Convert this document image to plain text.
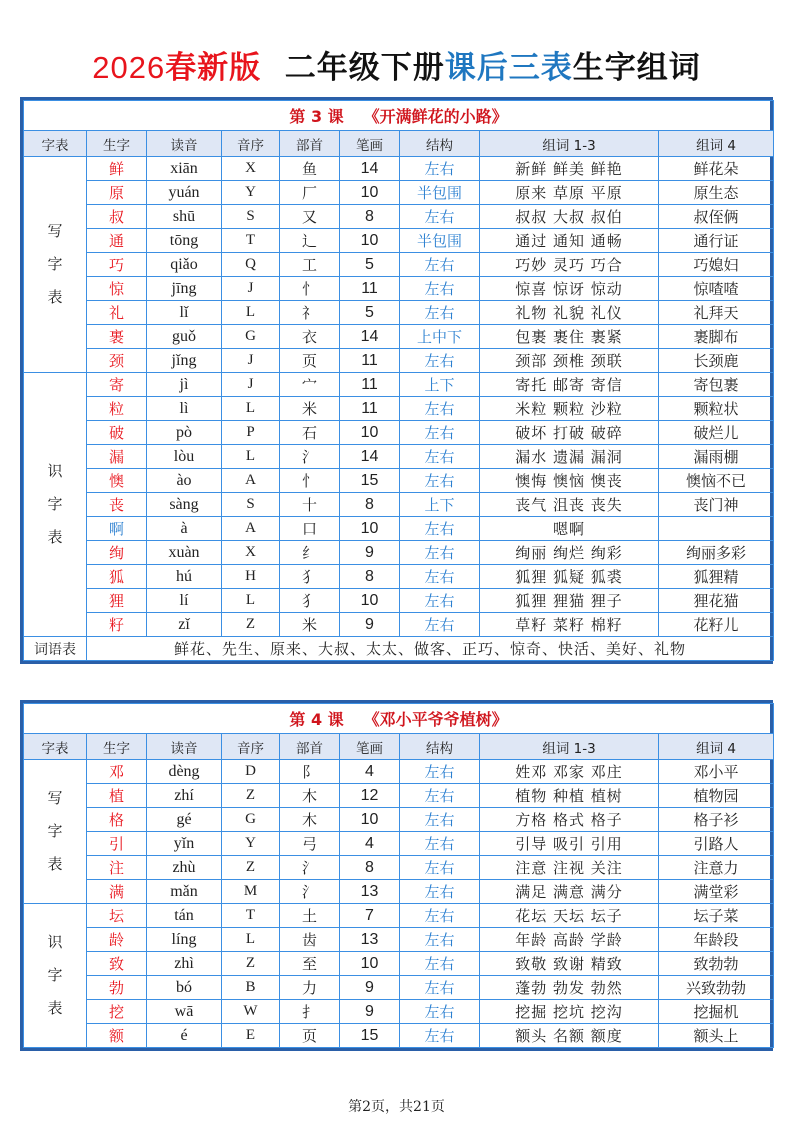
2026春新版 二年级下册课后三表生字组词
第 3 课 《开满鲜花的小路》								
字表	生字	读音	音序	部首	笔画	结构	组词 1-3	组词 4
写
字
表	鲜	xiān	X	鱼	14	左右	新鲜 鲜美 鲜艳	鲜花朵
	原	yuán	Y	厂	10	半包围	原来 草原 平原	原生态
	叔	shū	S	又	8	左右	叔叔 大叔 叔伯	叔侄俩
	通	tōng	T	辶	10	半包围	通过 通知 通畅	通行证
	巧	qiǎo	Q	工	5	左右	巧妙 灵巧 巧合	巧媳妇
	惊	jīng	J	忄	11	左右	惊喜 惊讶 惊动	惊喳喳
	礼	lǐ	L	礻	5	左右	礼物 礼貌 礼仪	礼拜天
	裹	guǒ	G	衣	14	上中下	包裹 裹住 裹紧	裹脚布
	颈	jǐng	J	页	11	左右	颈部 颈椎 颈联	长颈鹿
识
字
表	寄	jì	J	宀	11	上下	寄托 邮寄 寄信	寄包裹
	粒	lì	L	米	11	左右	米粒 颗粒 沙粒	颗粒状
	破	pò	P	石	10	左右	破坏 打破 破碎	破烂儿
	漏	lòu	L	氵	14	左右	漏水 遗漏 漏洞	漏雨棚
	懊	ào	A	忄	15	左右	懊悔 懊恼 懊丧	懊恼不已
	丧	sàng	S	十	8	上下	丧气 沮丧 丧失	丧门神
	啊	à	A	口	10	左右	嗯啊	
	绚	xuàn	X	纟	9	左右	绚丽 绚烂 绚彩	绚丽多彩
	狐	hú	H	犭	8	左右	狐狸 狐疑 狐裘	狐狸精
	狸	lí	L	犭	10	左右	狐狸 狸猫 狸子	狸花猫
	籽	zǐ	Z	米	9	左右	草籽 菜籽 棉籽	花籽儿
词语表	鲜花、先生、原来、大叔、太太、做客、正巧、惊奇、快活、美好、礼物							
第 4 课 《邓小平爷爷植树》								
字表	生字	读音	音序	部首	笔画	结构	组词 1-3	组词 4
写
字
表	邓	dèng	D	阝	4	左右	姓邓 邓家 邓庄	邓小平
	植	zhí	Z	木	12	左右	植物 种植 植树	植物园
	格	gé	G	木	10	左右	方格 格式 格子	格子衫
	引	yǐn	Y	弓	4	左右	引导 吸引 引用	引路人
	注	zhù	Z	氵	8	左右	注意 注视 关注	注意力
	满	mǎn	M	氵	13	左右	满足 满意 满分	满堂彩
识
字
表	坛	tán	T	土	7	左右	花坛 天坛 坛子	坛子菜
	龄	líng	L	齿	13	左右	年龄 高龄 学龄	年龄段
	致	zhì	Z	至	10	左右	致敬 致谢 精致	致勃勃
	勃	bó	B	力	9	左右	蓬勃 勃发 勃然	兴致勃勃
	挖	wā	W	扌	9	左右	挖掘 挖坑 挖沟	挖掘机
	额	é	E	页	15	左右	额头 名额 额度	额头上
第2页，共21页
